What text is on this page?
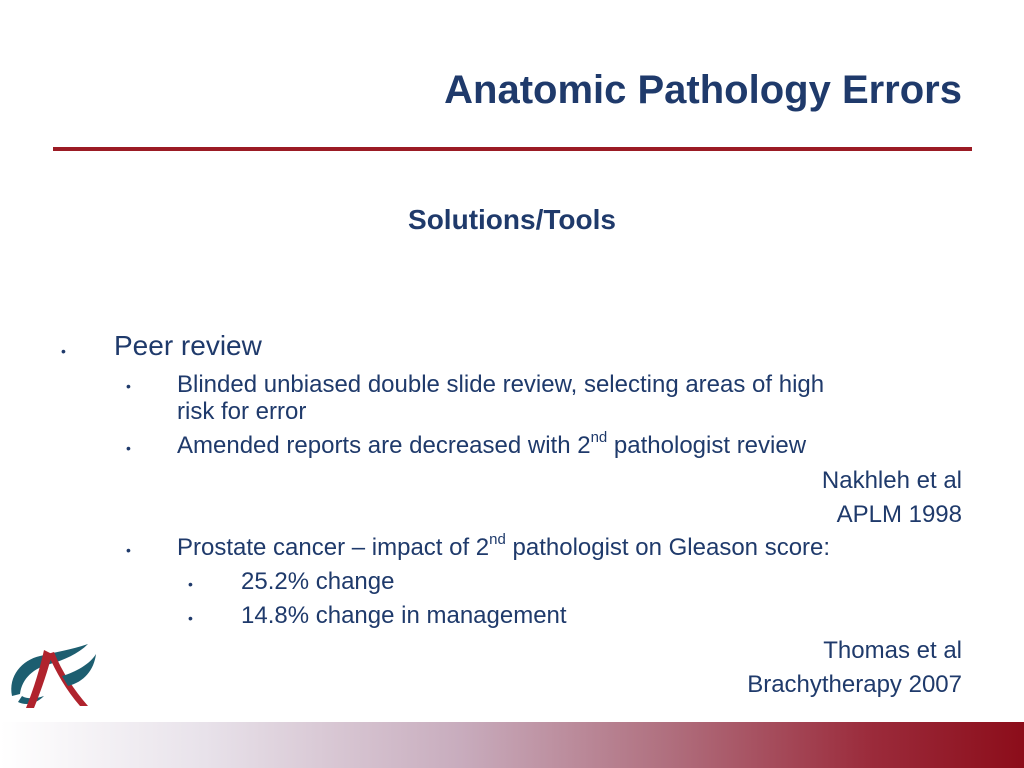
Anatomic Pathology Errors
Solutions/Tools
• Peer review
• Blinded unbiased double slide review, selecting areas of high
risk for error
• Amended reports are decreased with 2nd pathologist review
Nakhleh et al
APLM 1998
• Prostate cancer – impact of 2nd pathologist on Gleason score:
• 25.2% change
• 14.8% change in management
Thomas et al
Brachytherapy 2007
